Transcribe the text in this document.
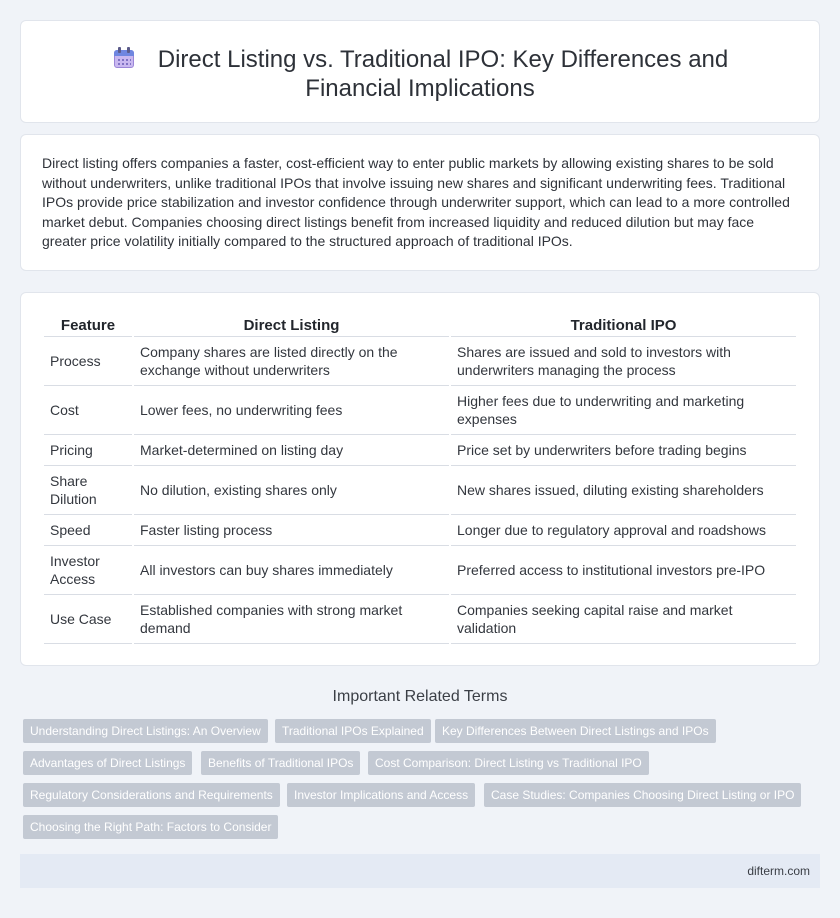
Direct Listing vs. Traditional IPO: Key Differences and Financial Implications

Direct listing offers companies a faster, cost-efficient way to enter public markets by allowing existing shares to be sold without underwriters, unlike traditional IPOs that involve issuing new shares and significant underwriting fees. Traditional IPOs provide price stabilization and investor confidence through underwriter support, which can lead to a more controlled market debut. Companies choosing direct listings benefit from increased liquidity and reduced dilution but may face greater price volatility initially compared to the structured approach of traditional IPOs.

Feature	Direct Listing	Traditional IPO
Process	Company shares are listed directly on the exchange without underwriters	Shares are issued and sold to investors with underwriters managing the process
Cost	Lower fees, no underwriting fees	Higher fees due to underwriting and marketing expenses
Pricing	Market-determined on listing day	Price set by underwriters before trading begins
Share Dilution	No dilution, existing shares only	New shares issued, diluting existing shareholders
Speed	Faster listing process	Longer due to regulatory approval and roadshows
Investor Access	All investors can buy shares immediately	Preferred access to institutional investors pre-IPO
Use Case	Established companies with strong market demand	Companies seeking capital raise and market validation
Important Related Terms
Understanding Direct Listings: An Overview	Traditional IPOs Explained	Key Differences Between Direct Listings and IPOs
Advantages of Direct Listings	Benefits of Traditional IPOs	Cost Comparison: Direct Listing vs Traditional IPO
Regulatory Considerations and Requirements	Investor Implications and Access	Case Studies: Companies Choosing Direct Listing or IPO
Choosing the Right Path: Factors to Consider
difterm.com
